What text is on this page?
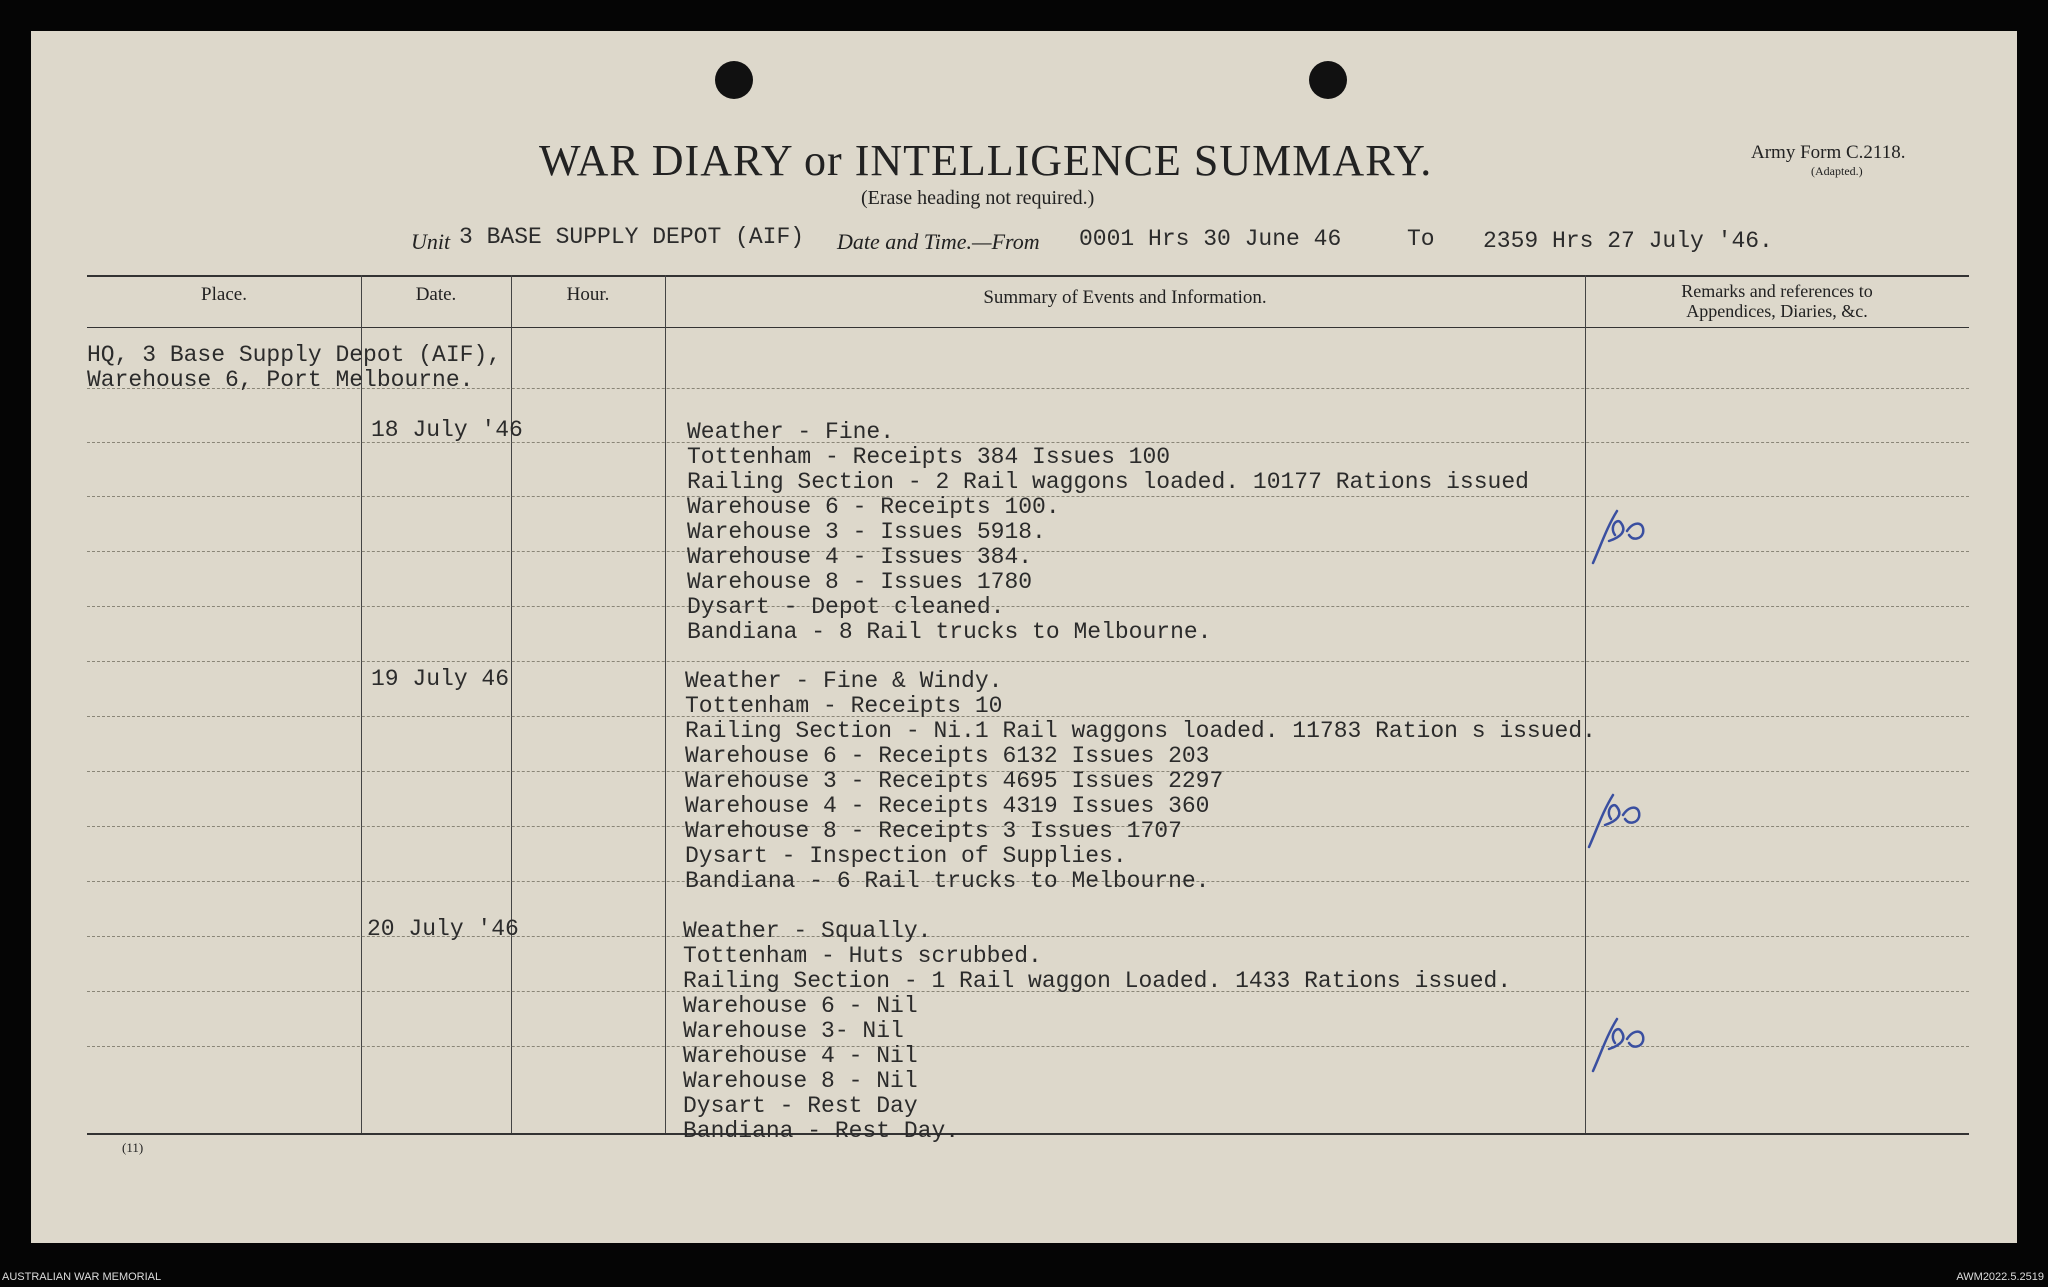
WAR DIARY or INTELLIGENCE SUMMARY.
(Erase heading not required.)
Army Form C.2118.
(Adapted.)
Unit 3 BASE SUPPLY DEPOT (AIF) Date and Time.—From 0001 Hrs 30 June 46	To 2359 Hrs 27 July '46.
Place.	Date.	Hour.	Summary of Events and Information.	Remarks and references to
Appendices, Diaries, &c.
HQ, 3 Base Supply Depot (AIF),
Warehouse 6, Port Melbourne.
18 July '46	Weather - Fine.
Tottenham - Receipts 384 Issues 100
Railing Section - 2 Rail waggons loaded. 10177 Rations issued
Warehouse 6 - Receipts 100.
Warehouse 3 - Issues 5918.
Warehouse 4 - Issues 384.
Warehouse 8 - Issues 1780
Dysart - Depot cleaned.
Bandiana - 8 Rail trucks to Melbourne.
19 July 46	Weather - Fine & Windy.
Tottenham - Receipts 10
Railing Section - Ni.1 Rail waggons loaded. 11783 Ration s issued.
Warehouse 6 - Receipts 6132 Issues 203
Warehouse 3 - Receipts 4695 Issues 2297
Warehouse 4 - Receipts 4319 Issues 360
Warehouse 8 - Receipts 3 Issues 1707
Dysart - Inspection of Supplies.
Bandiana - 6 Rail trucks to Melbourne.
20 July '46	Weather - Squally.
Tottenham - Huts scrubbed.
Railing Section - 1 Rail waggon Loaded. 1433 Rations issued.
Warehouse 6 - Nil
Warehouse 3- Nil
Warehouse 4 - Nil
Warehouse 8 - Nil
Dysart - Rest Day
Bandiana - Rest Day.
(11)
AUSTRALIAN WAR MEMORIAL	AWM2022.5.2519
